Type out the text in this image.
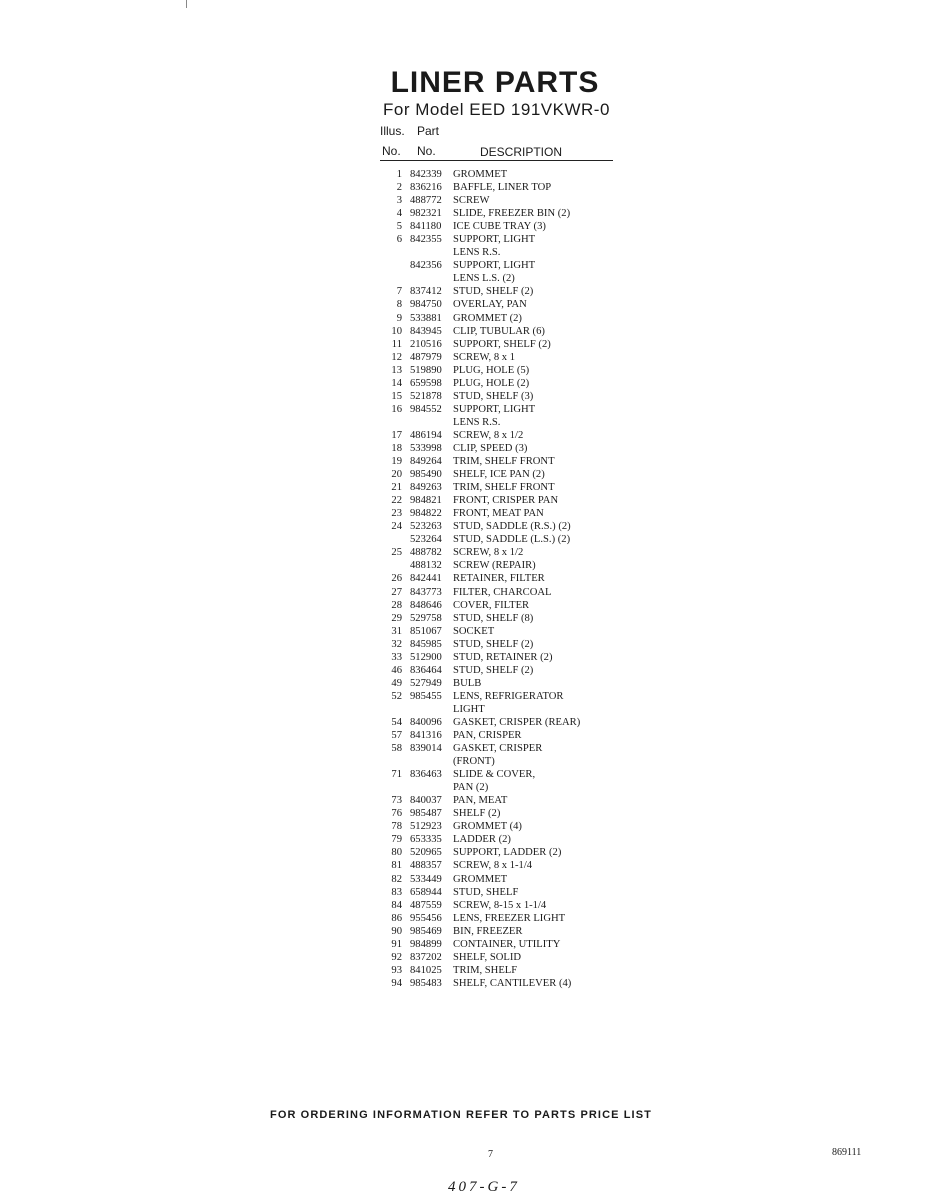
LINER PARTS
For Model EED 191VKWR-0
Illus. Part
No. No.	DESCRIPTION
1 842339	GROMMET
2 836216	BAFFLE, LINER TOP
3 488772	SCREW
4 982321	SLIDE, FREEZER BIN (2)
5 841180	ICE CUBE TRAY (3)
6 842355	SUPPORT, LIGHT
LENS R.S.
842356	SUPPORT, LIGHT
LENS L.S. (2)
7 837412	STUD, SHELF (2)
8 984750	OVERLAY, PAN
9 533881	GROMMET (2)
10 843945	CLIP, TUBULAR (6)
11 210516	SUPPORT, SHELF (2)
12 487979	SCREW, 8 x 1
13 519890	PLUG, HOLE (5)
14 659598	PLUG, HOLE (2)
15 521878	STUD, SHELF (3)
16 984552	SUPPORT, LIGHT
LENS R.S.
17 486194	SCREW, 8 x 1/2
18 533998	CLIP, SPEED (3)
19 849264	TRIM, SHELF FRONT
20 985490	SHELF, ICE PAN (2)
21 849263	TRIM, SHELF FRONT
22 984821	FRONT, CRISPER PAN
23 984822	FRONT, MEAT PAN
24 523263	STUD, SADDLE (R.S.) (2)
523264	STUD, SADDLE (L.S.) (2)
25 488782	SCREW, 8 x 1/2
488132	SCREW (REPAIR)
26 842441	RETAINER, FILTER
27 843773	FILTER, CHARCOAL
28 848646	COVER, FILTER
29 529758	STUD, SHELF (8)
31 851067	SOCKET
32 845985	STUD, SHELF (2)
33 512900	STUD, RETAINER (2)
46 836464	STUD, SHELF (2)
49 527949	BULB
52 985455	LENS, REFRIGERATOR
LIGHT
54 840096	GASKET, CRISPER (REAR)
57 841316	PAN, CRISPER
58 839014	GASKET, CRISPER
(FRONT)
71 836463	SLIDE & COVER,
PAN (2)
73 840037	PAN, MEAT
76 985487	SHELF (2)
78 512923	GROMMET (4)
79 653335	LADDER (2)
80 520965	SUPPORT, LADDER (2)
81 488357	SCREW, 8 x 1-1/4
82 533449	GROMMET
83 658944	STUD, SHELF
84 487559	SCREW, 8-15 x 1-1/4
86 955456	LENS, FREEZER LIGHT
90 985469	BIN, FREEZER
91 984899	CONTAINER, UTILITY
92 837202	SHELF, SOLID
93 841025	TRIM, SHELF
94 985483	SHELF, CANTILEVER (4)
FOR ORDERING INFORMATION REFER TO PARTS PRICE LIST
7	869111
407-G-7
